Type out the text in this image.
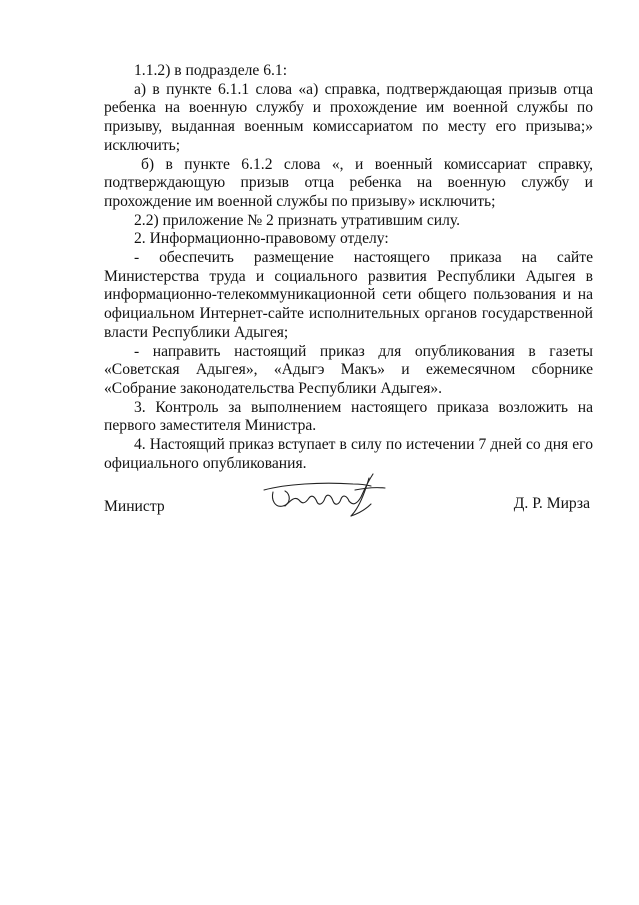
1.1.2) в подразделе 6.1:

а) в пункте 6.1.1 слова «а) справка, подтверждающая призыв отца ребенка на военную службу и прохождение им военной службы по призыву, выданная военным комиссариатом по месту его призыва;» исключить;

б) в пункте 6.1.2 слова «, и военный комиссариат справку, подтверждающую призыв отца ребенка на военную службу и прохождение им военной службы по призыву» исключить;

2.2) приложение № 2 признать утратившим силу.

2. Информационно-правовому отделу:

- обеспечить размещение настоящего приказа на сайте Министерства труда и социального развития Республики Адыгея в информационно-телекоммуникационной сети общего пользования и на официальном Интернет-сайте исполнительных органов государственной власти Республики Адыгея;

- направить настоящий приказ для опубликования в газеты «Советская Адыгея», «Адыгэ Макъ» и ежемесячном сборнике «Собрание законодательства Республики Адыгея».

3. Контроль за выполнением настоящего приказа возложить на первого заместителя Министра.

4. Настоящий приказ вступает в силу по истечении 7 дней со дня его официального опубликования.

Министр	Д. Р. Мирза
